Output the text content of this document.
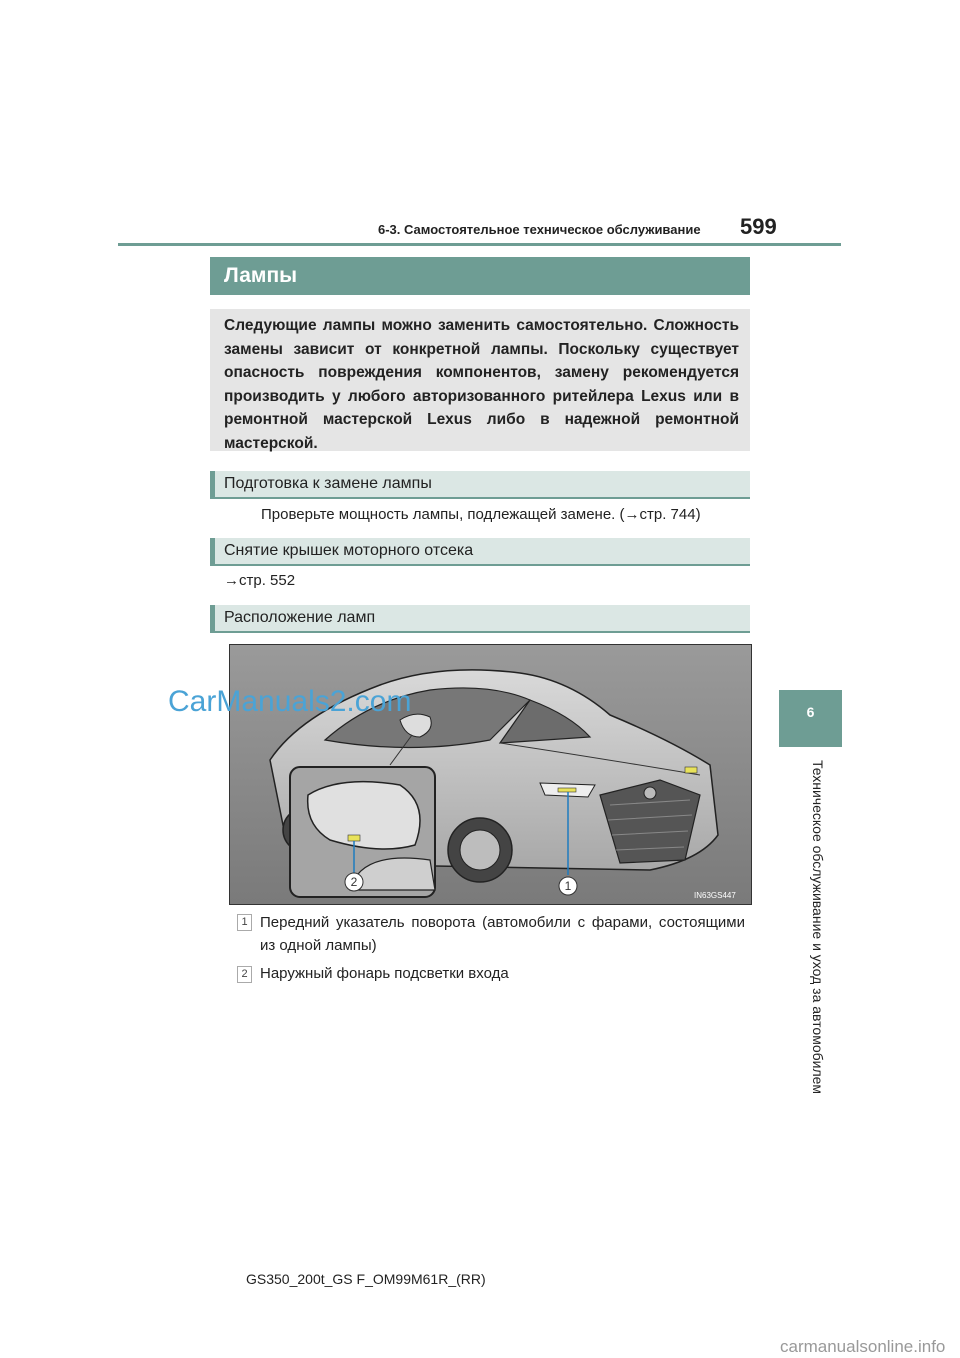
6-3. Самостоятельное техническое обслуживание 599
6
Техническое обслуживание и уход за автомобилем
Лампы
Следующие лампы можно заменить самостоятельно. Сложность замены зависит от конкретной лампы. Поскольку существует опасность повреждения компонентов, замену рекомендуется производить у любого авторизованного ритейлера Lexus или в ремонтной мастерской Lexus либо в надежной ремонтной мастерской.
Подготовка к замене лампы
Проверьте мощность лампы, подлежащей замене. (→стр. 744)
Снятие крышек моторного отсека
→стр. 552
Расположение ламп
2	1
IN63GS447
CarManuals2.com
1 Передний указатель поворота (автомобили с фарами, состоящими из одной лампы)
2 Наружный фонарь подсветки входа
GS350_200t_GS F_OM99M61R_(RR)
carmanualsonline.info
